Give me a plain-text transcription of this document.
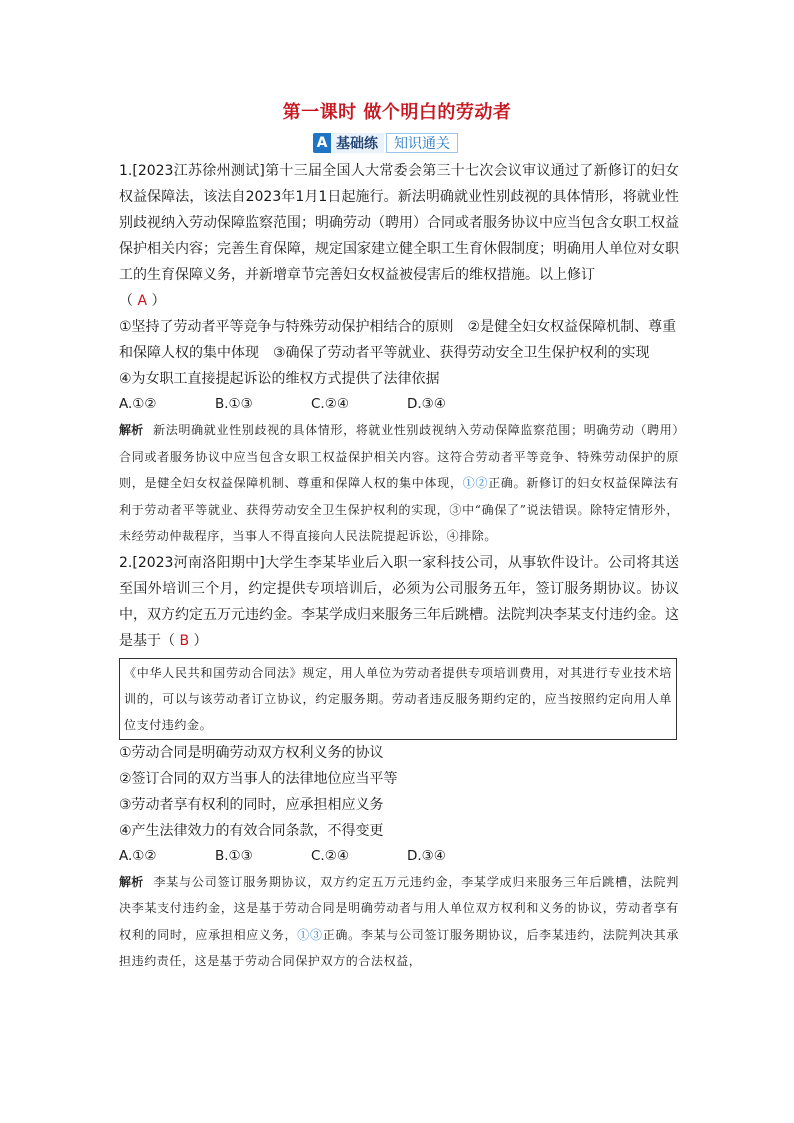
第一课时 做个明白的劳动者
A 基础练	知识通关

1.[2023江苏徐州测试]第十三届全国人大常委会第三十七次会议审议通过了新修订的妇女权益保障法，该法自2023年1月1日起施行。新法明确就业性别歧视的具体情形，将就业性别歧视纳入劳动保障监察范围；明确劳动（聘用）合同或者服务协议中应当包含女职工权益保护相关内容；完善生育保障，规定国家建立健全职工生育休假制度；明确用人单位对女职工的生育保障义务，并新增章节完善妇女权益被侵害后的维权措施。以上修订
（ A ）

①坚持了劳动者平等竞争与特殊劳动保护相结合的原则　②是健全妇女权益保障机制、尊重和保障人权的集中体现　③确保了劳动者平等就业、获得劳动安全卫生保护权利的实现

④为女职工直接提起诉讼的维权方式提供了法律依据

A.①②	B.①③	C.②④	D.③④

解析 新法明确就业性别歧视的具体情形，将就业性别歧视纳入劳动保障监察范围；明确劳动（聘用）合同或者服务协议中应当包含女职工权益保护相关内容。这符合劳动者平等竞争、特殊劳动保护的原则，是健全妇女权益保障机制、尊重和保障人权的集中体现，①②正确。新修订的妇女权益保障法有利于劳动者平等就业、获得劳动安全卫生保护权利的实现，③中“确保了”说法错误。除特定情形外，未经劳动仲裁程序，当事人不得直接向人民法院提起诉讼，④排除。

2.[2023河南洛阳期中]大学生李某毕业后入职一家科技公司，从事软件设计。公司将其送至国外培训三个月，约定提供专项培训后，必须为公司服务五年，签订服务期协议。协议中，双方约定五万元违约金。李某学成归来服务三年后跳槽。法院判决李某支付违约金。这是基于（ B ）

《中华人民共和国劳动合同法》规定，用人单位为劳动者提供专项培训费用，对其进行专业技术培训的，可以与该劳动者订立协议，约定服务期。劳动者违反服务期约定的，应当按照约定向用人单位支付违约金。

①劳动合同是明确劳动双方权利义务的协议

②签订合同的双方当事人的法律地位应当平等

③劳动者享有权利的同时，应承担相应义务

④产生法律效力的有效合同条款，不得变更

A.①②	B.①③	C.②④	D.③④

解析 李某与公司签订服务期协议，双方约定五万元违约金，李某学成归来服务三年后跳槽，法院判决李某支付违约金，这是基于劳动合同是明确劳动者与用人单位双方权利和义务的协议，劳动者享有权利的同时，应承担相应义务，①③正确。李某与公司签订服务期协议，后李某违约，法院判决其承担违约责任，这是基于劳动合同保护双方的合法权益，
